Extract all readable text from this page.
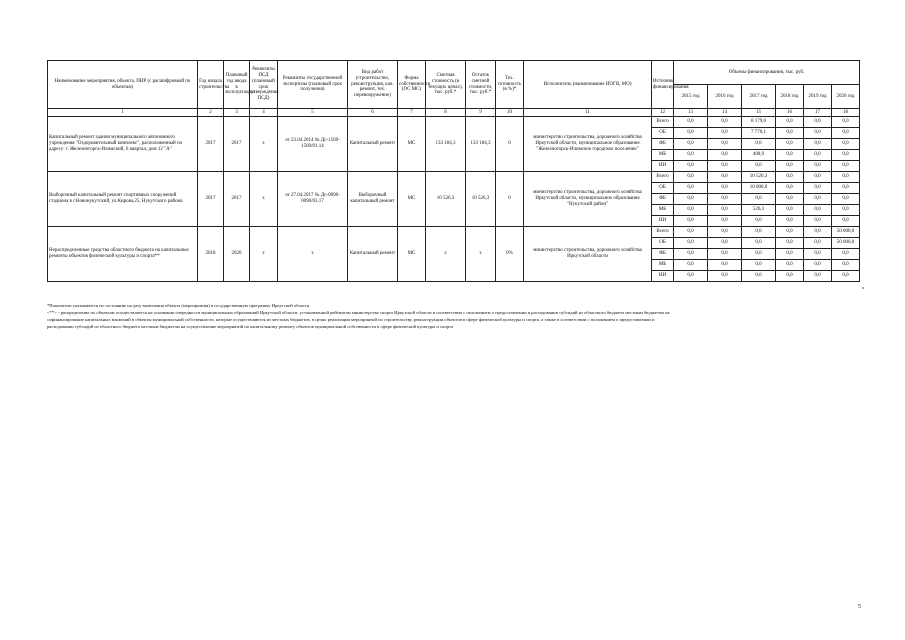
Наименование мероприятия, объекта, ПИР (с расшифровкой по объектам)	Год начала строительства	Плановый год ввода в эксплуатацию	Реквизиты ПСД (плановый срок утверждения ПСД)	Реквизиты государственной экспертизы (плановый срок получения)	Вид работ (строительство, реконструкция, кап. ремонт, тех. перевооружение)	Форма собственности (ОС МС)	Сметная стоимость (в текущих ценах), тыс. руб.*	Остаток сметной стоимости, тыс. руб.*	Тех. готовность (в %)*	Исполнитель (наименование ИОГВ, МО)	Источник финансирования	Объемы финансирования, тыс. руб.					
												2015 год	2016 год	2017 год	2018 год	2019 год	2020 год
1	2	3	4	5	6	7	8	9	10	11	12	13	14	15	16	17	18
Капитальный ремонт здания муниципального автономного учреждения "Оздоровительный комплекс", расположенный по адресу: г. Железногорск-Илимский, 6 квартал, дом 12 "А"	2017	2017	x	от 23.04.2014 № Дс-1569-1569/01.14	Капитальный ремонт	МС	133 184,3	133 184,3	0	министерство строительства, дорожного хозяйства Иркутской области, муниципальное образование "Железногорск-Илимское городское поселение"	Всего	0,0	0,0	8 179,0	0,0	0,0	0,0
											ОБ	0,0	0,0	7 770,1	0,0	0,0	0,0
											ФБ	0,0	0,0	0,0	0,0	0,0	0,0
											МБ	0,0	0,0	408,9	0,0	0,0	0,0
											ИИ	0,0	0,0	0,0	0,0	0,0	0,0
Выборочный капитальный ремонт спортивных сооружений стадиона в г.Новонукутский, ул.Кирова,25, Нукутского района	2017	2017	x	от 27.04.2017 № Дс-0090-0090/03.17	Выборочный капитальный ремонт	МС	10 526,3	10 526,3	0	министерство строительства, дорожного хозяйства Иркутской области, муниципальное образование "Нукутский район"	Всего	0,0	0,0	10 526,3	0,0	0,0	0,0
											ОБ	0,0	0,0	10 000,0	0,0	0,0	0,0
											ФБ	0,0	0,0	0,0	0,0	0,0	0,0
											МБ	0,0	0,0	526,3	0,0	0,0	0,0
											ИИ	0,0	0,0	0,0	0,0	0,0	0,0
Нераспределенные средства областного бюджета на капитальные ремонты объектов физической культуры и спорта**	2018	2020	x	x	Капитальный ремонт	МС	x	x	0%	министерство строительства, дорожного хозяйства Иркутской области	Всего	0,0	0,0	0,0	0,0	0,0	50 000,0
											ОБ	0,0	0,0	0,0	0,0	0,0	50 000,0
											ФБ	0,0	0,0	0,0	0,0	0,0	0,0
											МБ	0,0	0,0	0,0	0,0	0,0	0,0
											ИИ	0,0	0,0	0,0	0,0	0,0	0,0
*Показатели указываются по состоянию на дату включения объекта (мероприятия) в государственную программу Иркутской области
<**> - распределение по объектам осуществляется на основании очередности муниципальных образований Иркутской области, установленной рейтингом министерства спорта Иркутской области в соответствии с положением о предоставлении и расходовании субсидий из областного бюджета местным бюджетам на
софинансирование капитальных вложений в объекты муниципальной собственности, которые осуществляются из местных бюджетов, в целях реализации мероприятий по строительству, реконструкции объектов в сфере физической культуры и спорта, а также в соответствии с положением о предоставлении и
расходовании субсидий из областного бюджета местным бюджетам на осуществление мероприятий по капитальному ремонту объектов муниципальной собственности в сфере физической культуры и спорта
»
5
